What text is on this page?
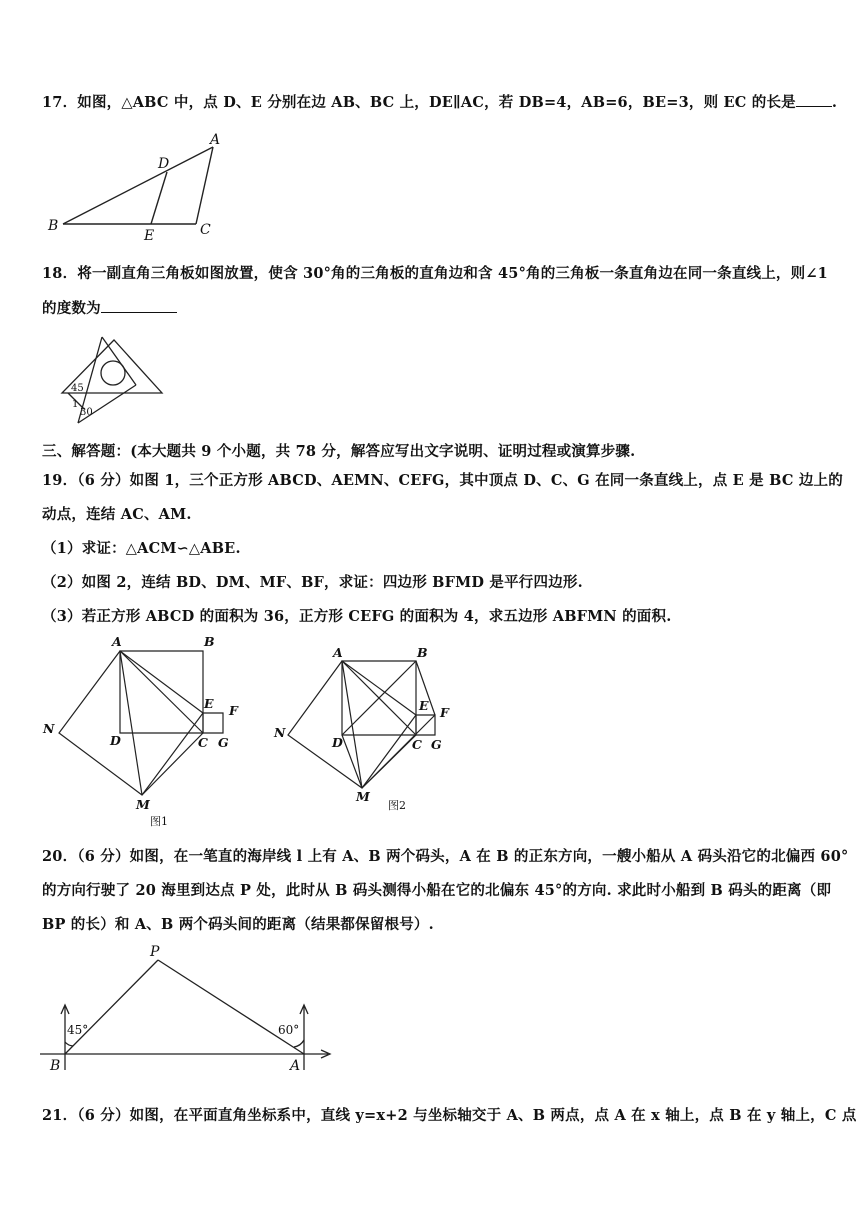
17．如图，△ABC 中，点 D、E 分别在边 AB、BC 上，DE∥AC，若 DB=4，AB=6，BE=3，则 EC 的长是 .
A
B	C
D
E
18．将一副直角三角板如图放置，使含 30°角的三角板的直角边和含 45°角的三角板一条直角边在同一条直线上，则∠1
的度数为
45
1
30
三、解答题：(本大题共 9 个小题，共 78 分，解答应写出文字说明、证明过程或演算步骤.
19．（6 分）如图 1，三个正方形 ABCD、AEMN、CEFG，其中顶点 D、C、G 在同一条直线上，点 E 是 BC 边上的
动点，连结 AC、AM.
（1）求证：△ACM∽△ABE.
（2）如图 2，连结 BD、DM、MF、BF，求证：四边形 BFMD 是平行四边形.
（3）若正方形 ABCD 的面积为 36，正方形 CEFG 的面积为 4，求五边形 ABFMN 的面积.
A	B
C
D
E F
G
M
N
图1
A	B
C
D
E F
G
M
N
图2
20．（6 分）如图，在一笔直的海岸线 l 上有 A、B 两个码头，A 在 B 的正东方向，一艘小船从 A 码头沿它的北偏西 60°
的方向行驶了 20 海里到达点 P 处，此时从 B 码头测得小船在它的北偏东 45°的方向. 求此时小船到 B 码头的距离（即
BP 的长）和 A、B 两个码头间的距离（结果都保留根号）.
P
B	A
45°	60°
21．（6 分）如图，在平面直角坐标系中，直线 y=x+2 与坐标轴交于 A、B 两点，点 A 在 x 轴上，点 B 在 y 轴上，C 点
